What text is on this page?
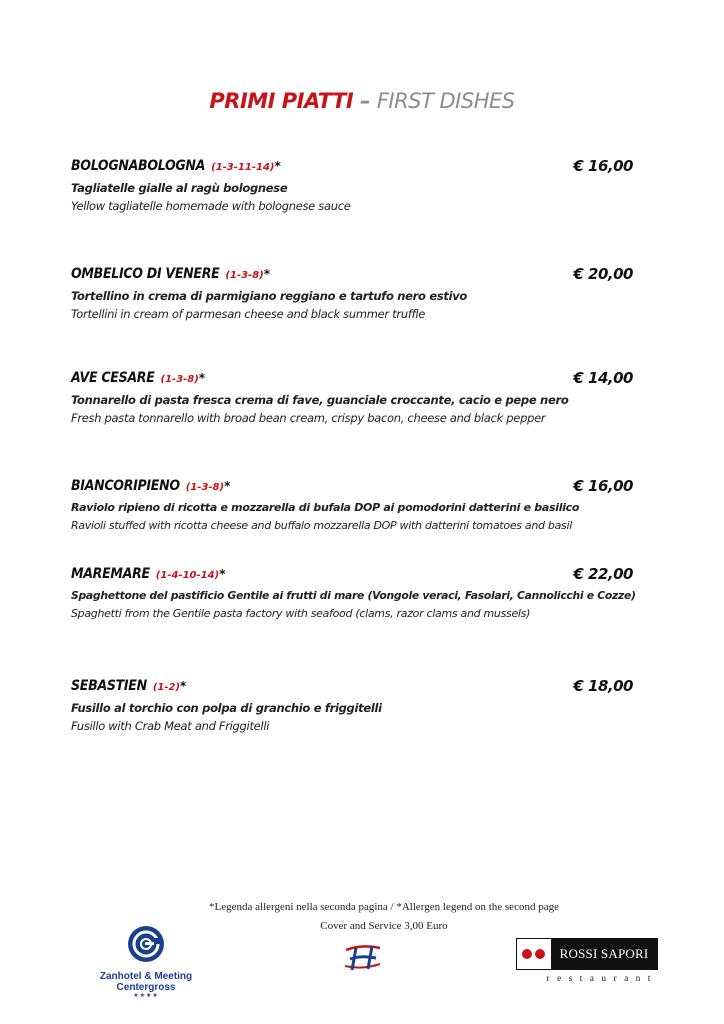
PRIMI PIATTI – FIRST DISHES
BOLOGNABOLOGNA (1-3-11-14)*	€ 16,00
Tagliatelle gialle al ragù bolognese
Yellow tagliatelle homemade with bolognese sauce
OMBELICO DI VENERE (1-3-8)*	€ 20,00
Tortellino in crema di parmigiano reggiano e tartufo nero estivo
Tortellini in cream of parmesan cheese and black summer truffle
AVE CESARE (1-3-8)*	€ 14,00
Tonnarello di pasta fresca crema di fave, guanciale croccante, cacio e pepe nero
Fresh pasta tonnarello with broad bean cream, crispy bacon, cheese and black pepper
BIANCORIPIENO (1-3-8)*	€ 16,00
Raviolo ripieno di ricotta e mozzarella di bufala DOP ai pomodorini datterini e basilico
Ravioli stuffed with ricotta cheese and buffalo mozzarella DOP with datterini tomatoes and basil
MAREMARE (1-4-10-14)*	€ 22,00
Spaghettone del pastificio Gentile ai frutti di mare (Vongole veraci, Fasolari, Cannolicchi e Cozze)
Spaghetti from the Gentile pasta factory with seafood (clams, razor clams and mussels)
SEBASTIEN (1-2)*	€ 18,00
Fusillo al torchio con polpa di granchio e friggitelli
Fusillo with Crab Meat and Friggitelli
*Legenda allergeni nella seconda pagina / *Allergen legend on the second page
Cover and Service 3,00 Euro
Zanhotel & Meeting Centergross
★★★★
ROSSI SAPORI
restaurant
